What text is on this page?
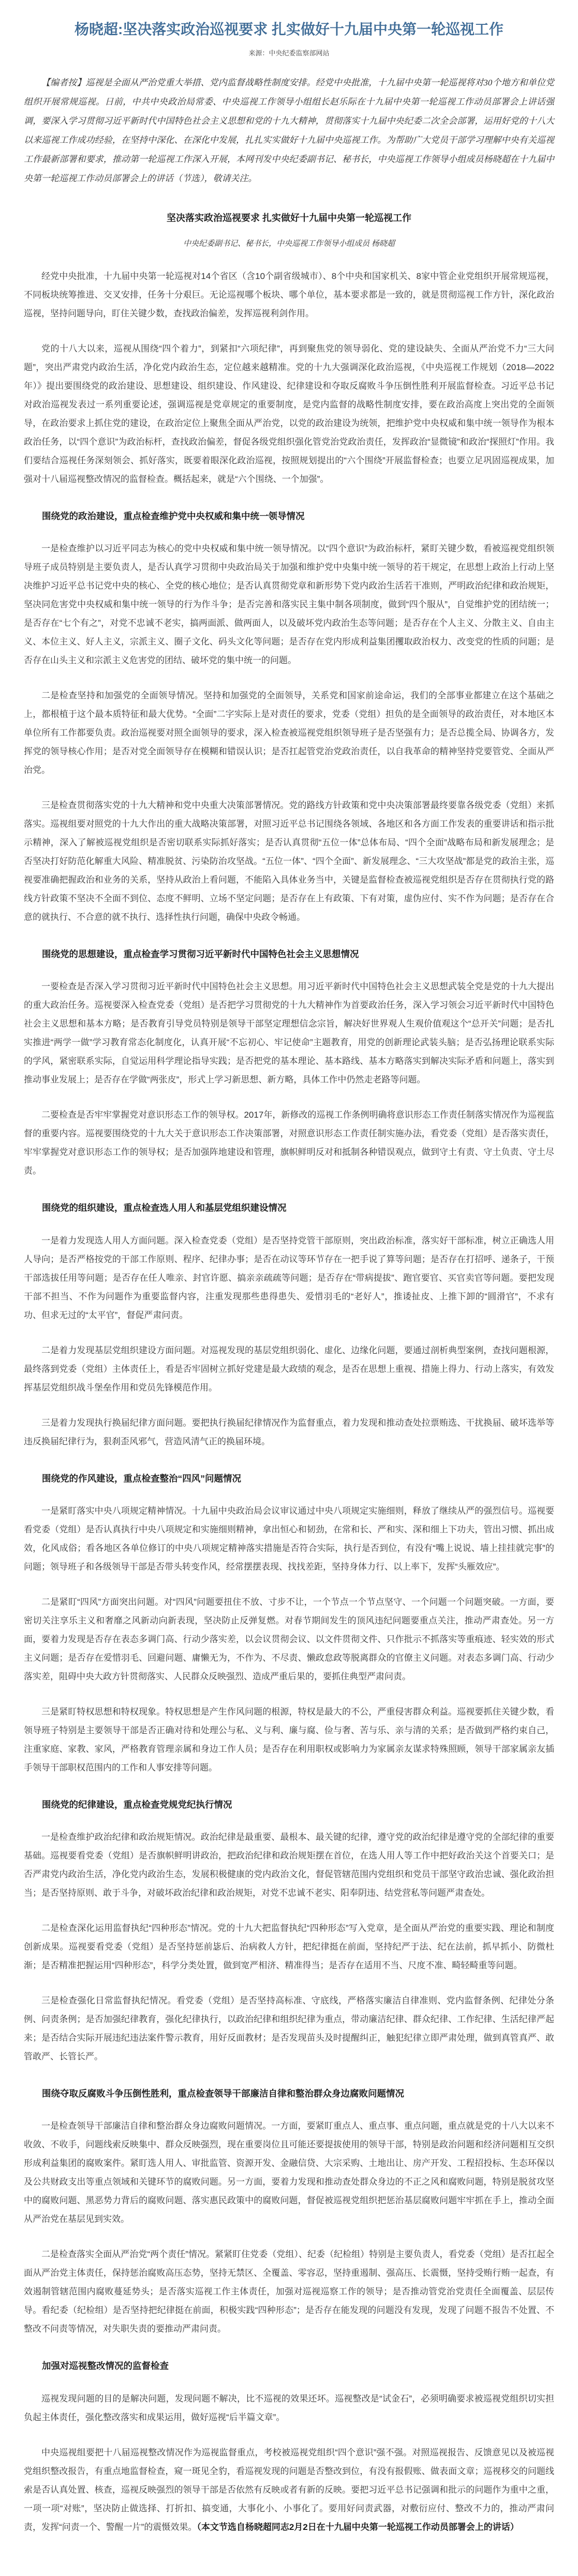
杨晓超:坚决落实政治巡视要求 扎实做好十九届中央第一轮巡视工作
来源：中央纪委监察部网站

【编者按】巡视是全面从严治党重大举措、党内监督战略性制度安排。经党中央批准，十九届中央第一轮巡视将对30个地方和单位党组织开展常规巡视。日前，中共中央政治局常委、中央巡视工作领导小组组长赵乐际在十九届中央第一轮巡视工作动员部署会上讲话强调，要深入学习贯彻习近平新时代中国特色社会主义思想和党的十九大精神，贯彻落实十九届中央纪委二次全会部署，运用好党的十八大以来巡视工作成功经验，在坚持中深化、在深化中发展，扎扎实实做好十九届中央巡视工作。为帮助广大党员干部学习理解中央有关巡视工作最新部署和要求，推动第一轮巡视工作深入开展，本网刊发中央纪委副书记、秘书长，中央巡视工作领导小组成员杨晓超在十九届中央第一轮巡视工作动员部署会上的讲话（节选），敬请关注。

坚决落实政治巡视要求 扎实做好十九届中央第一轮巡视工作
中央纪委副书记、秘书长，中央巡视工作领导小组成员 杨晓超

经党中央批准，十九届中央第一轮巡视对14个省区（含10个副省级城市）、8个中央和国家机关、8家中管企业党组织开展常规巡视，不同板块统筹推进、交叉安排，任务十分艰巨。无论巡视哪个板块、哪个单位，基本要求都是一致的，就是贯彻巡视工作方针，深化政治巡视，坚持问题导向，盯住关键少数，查找政治偏差，发挥巡视利剑作用。

党的十八大以来，巡视从围绕“四个着力”，到紧扣“六项纪律”，再到聚焦党的领导弱化、党的建设缺失、全面从严治党不力“三大问题”，突出严肃党内政治生活，净化党内政治生态，定位越来越精准。党的十九大强调深化政治巡视，《中央巡视工作规划（2018—2022年）》提出要围绕党的政治建设、思想建设、组织建设、作风建设、纪律建设和夺取反腐败斗争压倒性胜利开展监督检查。习近平总书记对政治巡视发表过一系列重要论述，强调巡视是党章规定的重要制度，是党内监督的战略性制度安排，要在政治高度上突出党的全面领导，在政治要求上抓住党的建设，在政治定位上聚焦全面从严治党，以党的政治建设为统领，把维护党中央权威和集中统一领导作为根本政治任务，以“四个意识”为政治标杆，查找政治偏差，督促各级党组织强化管党治党政治责任，发挥政治“显微镜”和政治“探照灯”作用。我们要结合巡视任务深刻领会、抓好落实，既要着眼深化政治巡视，按照规划提出的“六个围绕”开展监督检查；也要立足巩固巡视成果，加强对十八届巡视整改情况的监督检查。概括起来，就是“六个围绕、一个加强”。

围绕党的政治建设，重点检查维护党中央权威和集中统一领导情况

一是检查维护以习近平同志为核心的党中央权威和集中统一领导情况。以“四个意识”为政治标杆，紧盯关键少数，看被巡视党组织领导班子成员特别是主要负责人，是否认真学习贯彻中央政治局关于加强和维护党中央集中统一领导的若干规定，在思想上政治上行动上坚决维护习近平总书记党中央的核心、全党的核心地位；是否认真贯彻党章和新形势下党内政治生活若干准则，严明政治纪律和政治规矩，坚决同危害党中央权威和集中统一领导的行为作斗争；是否完善和落实民主集中制各项制度，做到“四个服从”，自觉维护党的团结统一；是否存在“七个有之”，对党不忠诚不老实，搞两面派、做两面人，以及破坏党内政治生态等问题；是否存在个人主义、分散主义、自由主义、本位主义、好人主义，宗派主义、圈子文化、码头文化等问题；是否存在党内形成利益集团攫取政治权力、改变党的性质的问题；是否存在山头主义和宗派主义危害党的团结、破坏党的集中统一的问题。

二是检查坚持和加强党的全面领导情况。坚持和加强党的全面领导，关系党和国家前途命运，我们的全部事业都建立在这个基础之上，都根植于这个最本质特征和最大优势。“全面”二字实际上是对责任的要求，党委（党组）担负的是全面领导的政治责任，对本地区本单位所有工作都要负责。政治巡视要对照全面领导的要求，深入检查被巡视党组织领导班子是否坚强有力；是否总揽全局、协调各方，发挥党的领导核心作用；是否对党全面领导存在模糊和错误认识；是否扛起管党治党政治责任，以自我革命的精神坚持党要管党、全面从严治党。

三是检查贯彻落实党的十九大精神和党中央重大决策部署情况。党的路线方针政策和党中央决策部署最终要靠各级党委（党组）来抓落实。巡视组要对照党的十九大作出的重大战略决策部署，对照习近平总书记围绕各领域、各地区和各方面工作发表的重要讲话和指示批示精神，深入了解被巡视党组织是否密切联系实际抓好落实；是否认真贯彻“五位一体”总体布局、“四个全面”战略布局和新发展理念；是否坚决打好防范化解重大风险、精准脱贫、污染防治攻坚战。“五位一体”、“四个全面”、新发展理念、“三大攻坚战”都是党的政治主张，巡视要准确把握政治和业务的关系，坚持从政治上看问题，不能陷入具体业务当中，关键是监督检查被巡视党组织是否存在贯彻执行党的路线方针政策不坚决不全面不到位、态度不鲜明、立场不坚定问题；是否存在上有政策、下有对策，虚伪应付、实不作为问题；是否存在合意的就执行、不合意的就不执行、选择性执行问题，确保中央政令畅通。

围绕党的思想建设，重点检查学习贯彻习近平新时代中国特色社会主义思想情况

一要检查是否深入学习贯彻习近平新时代中国特色社会主义思想。用习近平新时代中国特色社会主义思想武装全党是党的十九大提出的重大政治任务。巡视要深入检查党委（党组）是否把学习贯彻党的十九大精神作为首要政治任务，深入学习领会习近平新时代中国特色社会主义思想和基本方略；是否教育引导党员特别是领导干部坚定理想信念宗旨，解决好世界观人生观价值观这个“总开关”问题；是否扎实推进“两学一做”学习教育常态化制度化，认真开展“不忘初心、牢记使命”主题教育，用党的创新理论武装头脑；是否弘扬理论联系实际的学风，紧密联系实际，自觉运用科学理论指导实践；是否把党的基本理论、基本路线、基本方略落实到解决实际矛盾和问题上，落实到推动事业发展上；是否存在学做“两张皮”，形式上学习新思想、新方略，具体工作中仍然走老路等问题。

二要检查是否牢牢掌握党对意识形态工作的领导权。2017年，新修改的巡视工作条例明确将意识形态工作责任制落实情况作为巡视监督的重要内容。巡视要围绕党的十九大关于意识形态工作决策部署，对照意识形态工作责任制实施办法，看党委（党组）是否落实责任，牢牢掌握党对意识形态工作的领导权；是否加强阵地建设和管理，旗帜鲜明反对和抵制各种错误观点，做到守土有责、守土负责、守土尽责。

围绕党的组织建设，重点检查选人用人和基层党组织建设情况

一是着力发现选人用人方面问题。深入检查党委（党组）是否坚持党管干部原则，突出政治标准，落实好干部标准，树立正确选人用人导向；是否严格按党的干部工作原则、程序、纪律办事；是否在动议等环节存在一把手说了算等问题；是否存在打招呼、递条子，干预干部选拔任用等问题；是否存在任人唯亲、封官许愿、搞亲亲疏疏等问题；是否存在“带病提拔”、跑官要官、买官卖官等问题。要把发现干部不担当、不作为问题作为重要监督内容，注重发现那些患得患失、爱惜羽毛的“老好人”，推诿扯皮、上推下卸的“圆滑官”，不求有功、但求无过的“太平官”，督促严肃问责。

二是着力发现基层党组织建设方面问题。对巡视发现的基层党组织弱化、虚化、边缘化问题，要通过剖析典型案例，查找问题根源，最终落到党委（党组）主体责任上，看是否牢固树立抓好党建是最大政绩的观念，是否在思想上重视、措施上得力、行动上落实，有效发挥基层党组织战斗堡垒作用和党员先锋模范作用。

三是着力发现执行换届纪律方面问题。要把执行换届纪律情况作为监督重点，着力发现和推动查处拉票贿选、干扰换届、破坏选举等违反换届纪律行为，狠刹歪风邪气，营造风清气正的换届环境。

围绕党的作风建设，重点检查整治“四风”问题情况

一是紧盯落实中央八项规定精神情况。十九届中央政治局会议审议通过中央八项规定实施细则，释放了继续从严的强烈信号。巡视要看党委（党组）是否认真执行中央八项规定和实施细则精神，拿出恒心和韧劲，在常和长、严和实、深和细上下功夫，管出习惯、抓出成效，化风成俗；看各地区各单位修订的中央八项规定精神落实措施是否符合实际，执行是否到位，有没有“嘴上说说、墙上挂挂就完事”的问题；领导班子和各级领导干部是否带头转变作风，经常摆摆表现、找找差距，坚持身体力行、以上率下，发挥“头雁效应”。

二是紧盯“四风”方面突出问题。对“四风”问题要扭住不放、寸步不让，一个节点一个节点坚守、一个问题一个问题突破。一方面，要密切关注享乐主义和奢靡之风新动向新表现，坚决防止反弹复燃。对春节期间发生的顶风违纪问题要重点关注，推动严肃查处。另一方面，要着力发现是否存在表态多调门高、行动少落实差，以会议贯彻会议、以文件贯彻文件、只作批示不抓落实等重痕迹、轻实效的形式主义问题；是否存在爱惜羽毛、回避问题、庸懒无为，不作为、不尽责、懒政怠政等脱离群众的官僚主义问题。对表态多调门高、行动少落实差，阻碍中央大政方针贯彻落实、人民群众反映强烈、造成严重后果的，要抓住典型严肃问责。

三是紧盯特权思想和特权现象。特权思想是产生作风问题的根源，特权是最大的不公，严重侵害群众利益。巡视要抓住关键少数，看领导班子特别是主要领导干部是否正确对待和处理公与私、义与利、廉与腐、俭与奢、苦与乐、亲与清的关系；是否做到严格约束自己，注重家庭、家教、家风，严格教育管理亲属和身边工作人员；是否存在利用职权或影响力为家属亲友谋求特殊照顾，领导干部家属亲友插手领导干部职权范围内的工作和人事安排等问题。

围绕党的纪律建设，重点检查党规党纪执行情况

一是检查维护政治纪律和政治规矩情况。政治纪律是最重要、最根本、最关键的纪律，遵守党的政治纪律是遵守党的全部纪律的重要基础。巡视要看党委（党组）是否旗帜鲜明讲政治，把政治纪律和政治规矩摆在首位，在选人用人等工作中把好政治关这个首要关口；是否严肃党内政治生活，净化党内政治生态，发展积极健康的党内政治文化，督促管辖范围内党组织和党员干部坚守政治忠诚、强化政治担当；是否坚持原则、敢于斗争，对破坏政治纪律和政治规矩，对党不忠诚不老实、阳奉阴违、结党营私等问题严肃查处。

二是检查深化运用监督执纪“四种形态”情况。党的十九大把监督执纪“四种形态”写入党章，是全面从严治党的重要实践、理论和制度创新成果。巡视要看党委（党组）是否坚持惩前毖后、治病救人方针，把纪律挺在前面，坚持纪严于法、纪在法前，抓早抓小、防微杜渐；是否精准把握运用“四种形态”，科学分类处置，做到宽严相济、精准得当；是否存在适用不当、尺度不准、畸轻畸重等问题。

三是检查强化日常监督执纪情况。看党委（党组）是否坚持高标准、守底线，严格落实廉洁自律准则、党内监督条例、纪律处分条例、问责条例；是否加强纪律教育，强化纪律执行，以政治纪律和组织纪律为重点，带动廉洁纪律、群众纪律、工作纪律、生活纪律严起来；是否结合实际开展违纪违法案件警示教育，用好反面教材；是否发现苗头及时提醒纠正，触犯纪律立即严肃处理，做到真管真严、敢管敢严、长管长严。

围绕夺取反腐败斗争压倒性胜利，重点检查领导干部廉洁自律和整治群众身边腐败问题情况

一是检查领导干部廉洁自律和整治群众身边腐败问题情况。一方面，要紧盯重点人、重点事、重点问题，重点就是党的十八大以来不收敛、不收手，问题线索反映集中、群众反映强烈，现在重要岗位且可能还要提拔使用的领导干部，特别是政治问题和经济问题相互交织形成利益集团的腐败案件。紧盯选人用人、审批监管、资源开发、金融信贷、大宗采购、土地出让、房产开发、工程招投标、生态环保以及公共财政支出等重点领域和关键环节的腐败问题。另一方面，要着力发现和推动查处群众身边的不正之风和腐败问题，特别是脱贫攻坚中的腐败问题、黑恶势力背后的腐败问题、落实惠民政策中的腐败问题，督促被巡视党组织把惩治基层腐败问题牢牢抓在手上，推动全面从严治党在基层见到实效。

二是检查落实全面从严治党“两个责任”情况。紧紧盯住党委（党组）、纪委（纪检组）特别是主要负责人，看党委（党组）是否扛起全面从严治党主体责任，保持惩治腐败高压态势，坚持无禁区、全覆盖、零容忍，坚持重遏制、强高压、长震慑，坚持受贿行贿一起查，有效遏制管辖范围内腐败蔓延势头；是否落实巡视工作主体责任，加强对巡视巡察工作的领导；是否推动管党治党责任全面覆盖、层层传导。看纪委（纪检组）是否坚持把纪律挺在前面，积极实践“四种形态”；是否存在能发现的问题没有发现，发现了问题不报告不处置、不整改不问责等情况，对失职失责的要推动严肃问责。

加强对巡视整改情况的监督检查

巡视发现问题的目的是解决问题，发现问题不解决，比不巡视的效果还坏。巡视整改是“试金石”，必须明确要求被巡视党组织切实担负起主体责任，强化整改落实和成果运用，做好巡视“后半篇文章”。

中央巡视组要把十八届巡视整改情况作为巡视监督重点，考校被巡视党组织“四个意识”强不强。对照巡视报告、反馈意见以及被巡视党组织整改报告，有重点地监督检查，窥一斑见全豹，看巡视发现的问题是否整改到位，有没有报假账、做表面文章；巡视移交的问题线索是否认真处置、核查，巡视反映强烈的领导干部是否依然有反映或者有新的反映。要把习近平总书记强调和批示的问题作为重中之重，一项一项“对账”，坚决防止做选择、打折扣、搞变通，大事化小、小事化了。要用好问责武器，对敷衍应付、整改不力的，推动严肃问责，发挥“问责一个、警醒一片”的震慑效果。（本文节选自杨晓超同志2月2日在十九届中央第一轮巡视工作动员部署会上的讲话）
